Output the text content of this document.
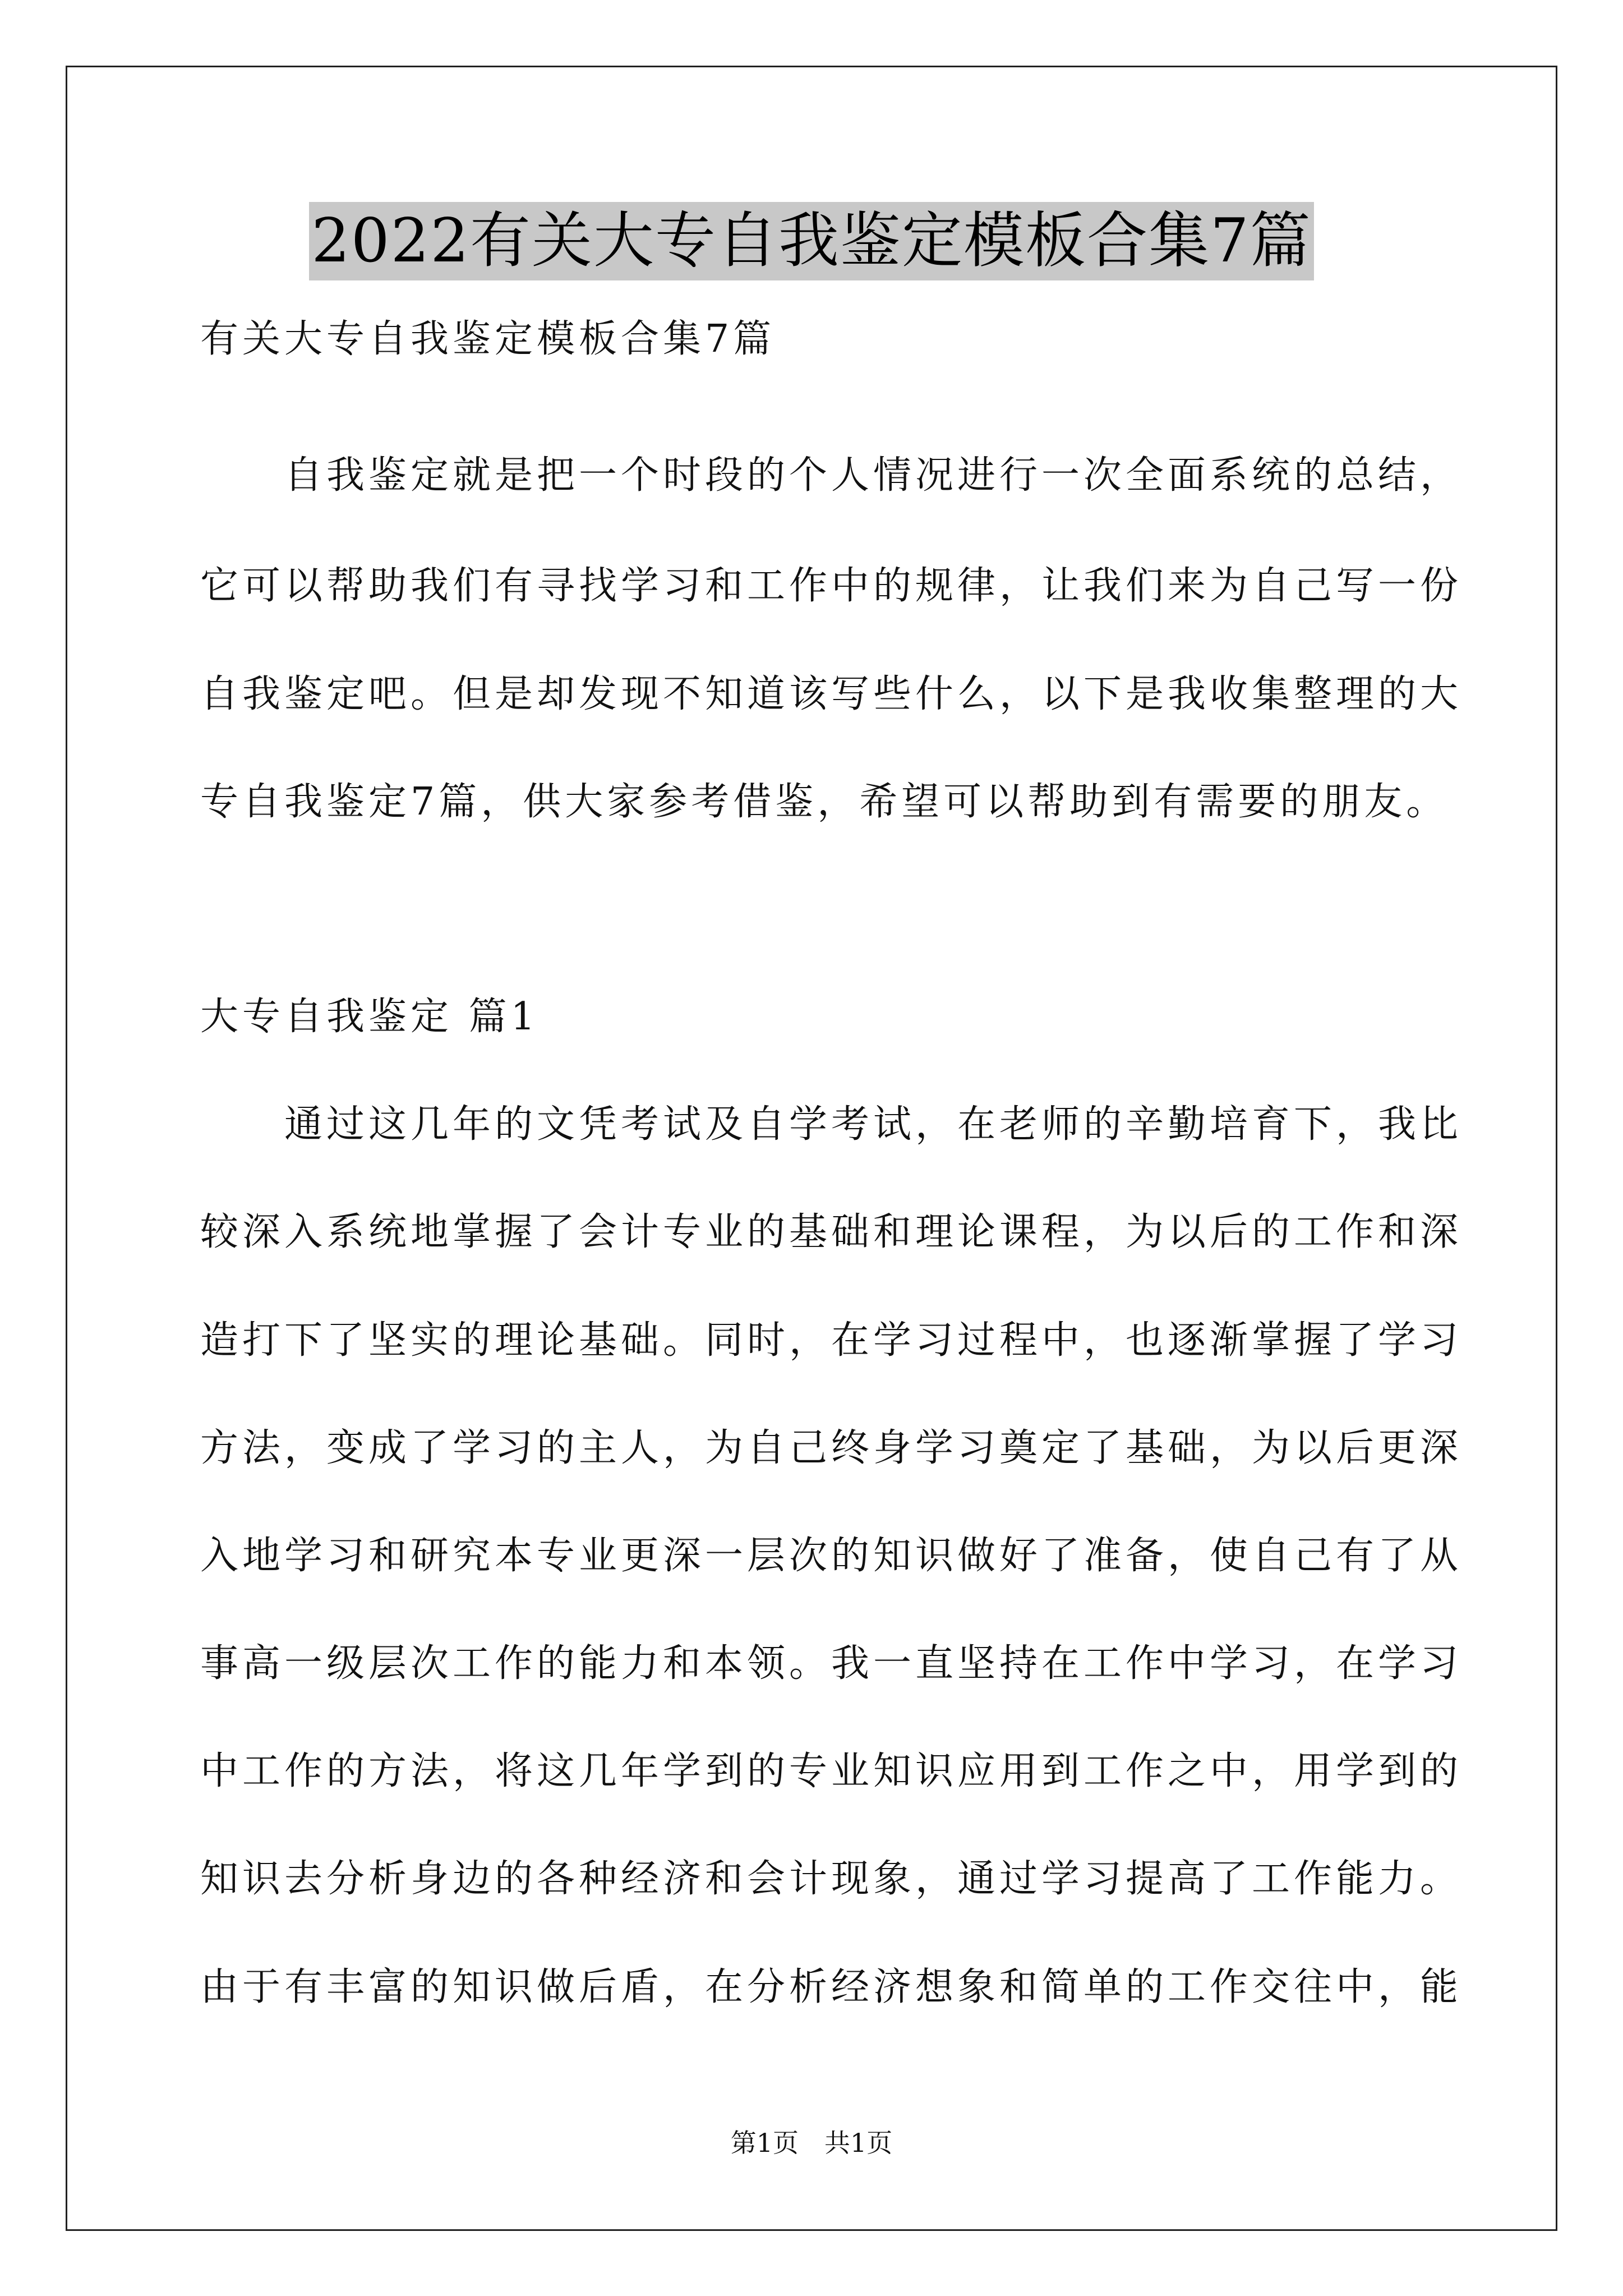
2022有关大专自我鉴定模板合集7篇
有关大专自我鉴定模板合集7篇
　　自我鉴定就是把一个时段的个人情况进行一次全面系统的总结，
它可以帮助我们有寻找学习和工作中的规律，让我们来为自己写一份
自我鉴定吧。但是却发现不知道该写些什么，以下是我收集整理的大
专自我鉴定7篇，供大家参考借鉴，希望可以帮助到有需要的朋友。
大专自我鉴定 篇1
　　通过这几年的文凭考试及自学考试，在老师的辛勤培育下，我比
较深入系统地掌握了会计专业的基础和理论课程，为以后的工作和深
造打下了坚实的理论基础。同时，在学习过程中，也逐渐掌握了学习
方法，变成了学习的主人，为自己终身学习奠定了基础，为以后更深
入地学习和研究本专业更深一层次的知识做好了准备，使自己有了从
事高一级层次工作的能力和本领。我一直坚持在工作中学习，在学习
中工作的方法，将这几年学到的专业知识应用到工作之中，用学到的
知识去分析身边的各种经济和会计现象，通过学习提高了工作能力。
由于有丰富的知识做后盾，在分析经济想象和简单的工作交往中，能
第1页　共1页
